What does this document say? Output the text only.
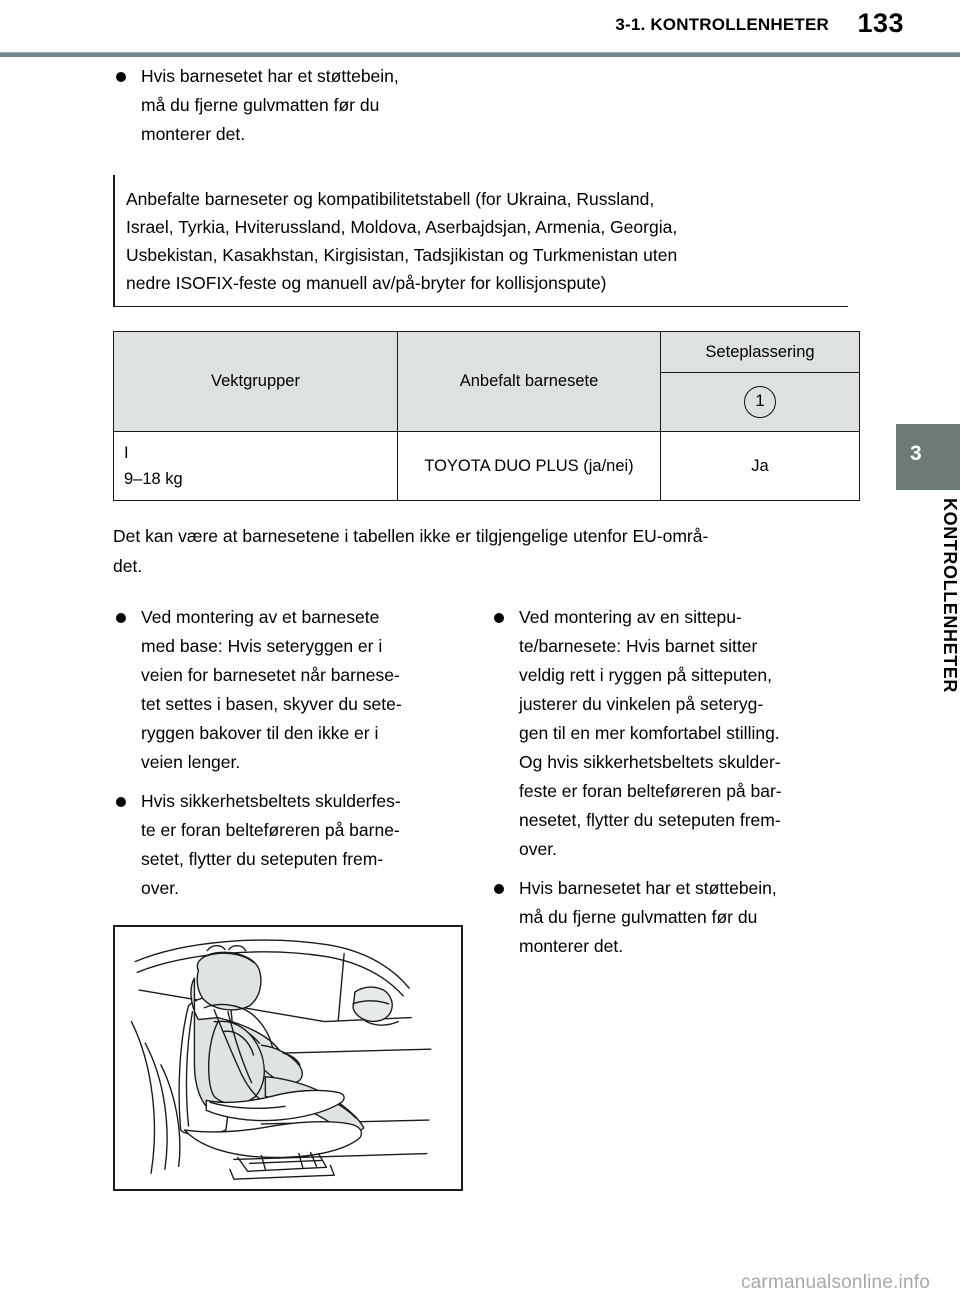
3-1. KONTROLLENHETER 133
3
KONTROLLENHETER
Hvis barnesetet har et støttebein,
må du fjerne gulvmatten før du
monterer det.
Anbefalte barneseter og kompatibilitetstabell (for Ukraina, Russland,
Israel, Tyrkia, Hviterussland, Moldova, Aserbajdsjan, Armenia, Georgia,
Usbekistan, Kasakhstan, Kirgisistan, Tadsjikistan og Turkmenistan uten
nedre ISOFIX-feste og manuell av/på-bryter for kollisjonspute)
Vektgrupper	Anbefalt barnesete	Seteplassering
		1

I
9–18 kg	TOYOTA DUO PLUS (ja/nei)	Ja
Det kan være at barnesetene i tabellen ikke er tilgjengelige utenfor EU-områ-
det.
Ved montering av et barnesete
med base: Hvis seteryggen er i
veien for barnesetet når barnese-
tet settes i basen, skyver du sete-
ryggen bakover til den ikke er i
veien lenger.
Hvis sikkerhetsbeltets skulderfes-
te er foran belteføreren på barne-
setet, flytter du seteputen frem-
over.
Ved montering av en sittepu-
te/barnesete: Hvis barnet sitter
veldig rett i ryggen på sitteputen,
justerer du vinkelen på seteryg-
gen til en mer komfortabel stilling.
Og hvis sikkerhetsbeltets skulder-
feste er foran belteføreren på bar-
nesetet, flytter du seteputen frem-
over.
Hvis barnesetet har et støttebein,
må du fjerne gulvmatten før du
monterer det.
carmanualsonline.info
